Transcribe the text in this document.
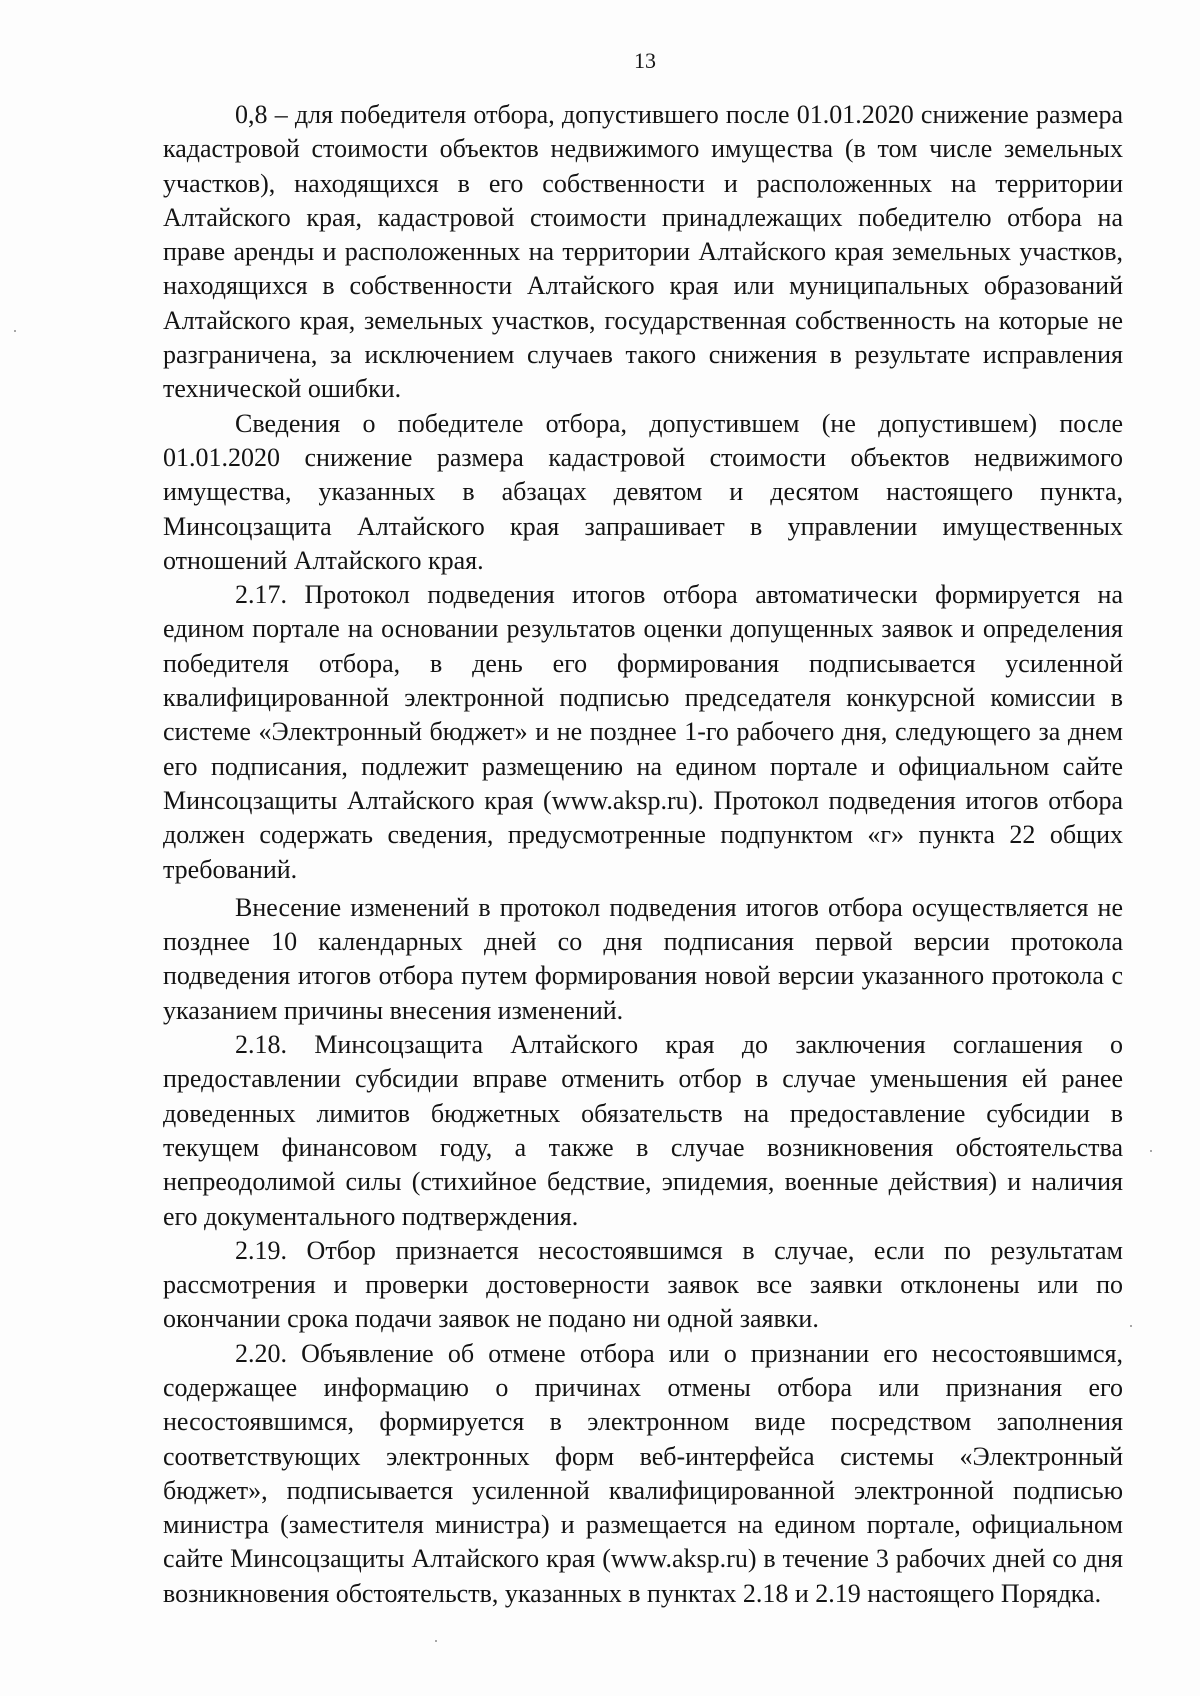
13

0,8 – для победителя отбора, допустившего после 01.01.2020 снижение размера кадастровой стоимости объектов недвижимого имущества (в том числе земельных участков), находящихся в его собственности и расположенных на территории Алтайского края, кадастровой стоимости принадлежащих победителю отбора на праве аренды и расположенных на территории Алтайского края земельных участков, находящихся в собственности Алтайского края или муниципальных образований Алтайского края, земельных участков, государственная собственность на которые не разграничена, за исключением случаев такого снижения в результате исправления технической ошибки.

Сведения о победителе отбора, допустившем (не допустившем) после 01.01.2020 снижение размера кадастровой стоимости объектов недвижимого имущества, указанных в абзацах девятом и десятом настоящего пункта, Минсоцзащита Алтайского края запрашивает в управлении имущественных отношений Алтайского края.

2.17. Протокол подведения итогов отбора автоматически формируется на едином портале на основании результатов оценки допущенных заявок и определения победителя отбора, в день его формирования подписывается усиленной квалифицированной электронной подписью председателя конкурсной комиссии в системе «Электронный бюджет» и не позднее 1-го рабочего дня, следующего за днем его подписания, подлежит размещению на едином портале и официальном сайте Минсоцзащиты Алтайского края (www.aksp.ru). Протокол подведения итогов отбора должен содержать сведения, предусмотренные подпунктом «г» пункта 22 общих требований.

Внесение изменений в протокол подведения итогов отбора осуществляется не позднее 10 календарных дней со дня подписания первой версии протокола подведения итогов отбора путем формирования новой версии указанного протокола с указанием причины внесения изменений.

2.18. Минсоцзащита Алтайского края до заключения соглашения о предоставлении субсидии вправе отменить отбор в случае уменьшения ей ранее доведенных лимитов бюджетных обязательств на предоставление субсидии в текущем финансовом году, а также в случае возникновения обстоятельства непреодолимой силы (стихийное бедствие, эпидемия, военные действия) и наличия его документального подтверждения.

2.19. Отбор признается несостоявшимся в случае, если по результатам рассмотрения и проверки достоверности заявок все заявки отклонены или по окончании срока подачи заявок не подано ни одной заявки.

2.20. Объявление об отмене отбора или о признании его несостоявшимся, содержащее информацию о причинах отмены отбора или признания его несостоявшимся, формируется в электронном виде посредством заполнения соответствующих электронных форм веб-интерфейса системы «Электронный бюджет», подписывается усиленной квалифицированной электронной подписью министра (заместителя министра) и размещается на едином портале, официальном сайте Минсоцзащиты Алтайского края (www.aksp.ru) в течение 3 рабочих дней со дня возникновения обстоятельств, указанных в пунктах 2.18 и 2.19 настоящего Порядка.
